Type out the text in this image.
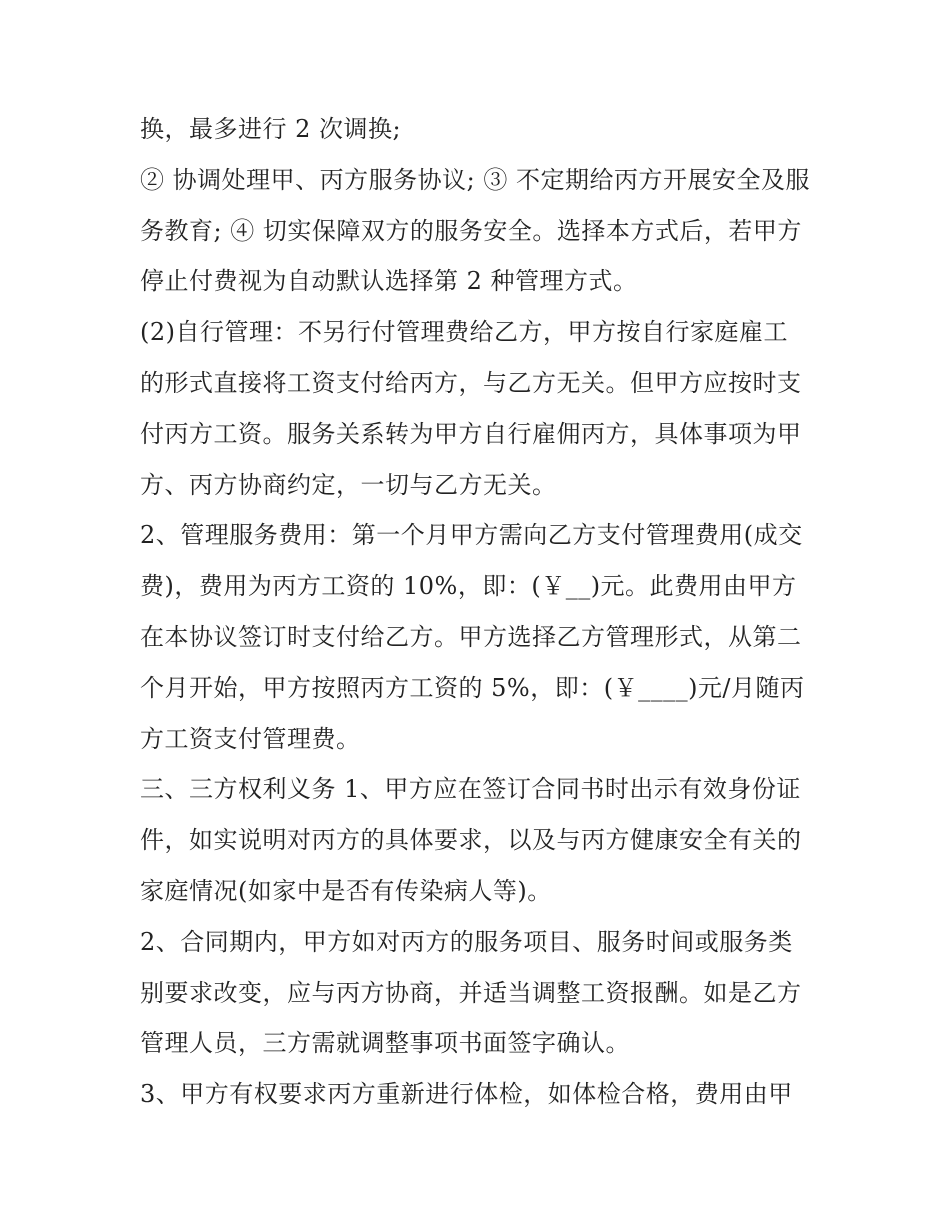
换，最多进行 2 次调换;
② 协调处理甲、丙方服务协议; ③ 不定期给丙方开展安全及服
务教育; ④ 切实保障双方的服务安全。选择本方式后，若甲方
停止付费视为自动默认选择第 2 种管理方式。
(2)自行管理：不另行付管理费给乙方，甲方按自行家庭雇工
的形式直接将工资支付给丙方，与乙方无关。但甲方应按时支
付丙方工资。服务关系转为甲方自行雇佣丙方，具体事项为甲
方、丙方协商约定，一切与乙方无关。
2、管理服务费用：第一个月甲方需向乙方支付管理费用(成交
费)，费用为丙方工资的 10%，即：(￥__)元。此费用由甲方
在本协议签订时支付给乙方。甲方选择乙方管理形式，从第二
个月开始，甲方按照丙方工资的 5%，即：(￥____)元/月随丙
方工资支付管理费。
三、三方权利义务 1、甲方应在签订合同书时出示有效身份证
件，如实说明对丙方的具体要求，以及与丙方健康安全有关的
家庭情况(如家中是否有传染病人等)。
2、合同期内，甲方如对丙方的服务项目、服务时间或服务类
别要求改变，应与丙方协商，并适当调整工资报酬。如是乙方
管理人员，三方需就调整事项书面签字确认。
3、甲方有权要求丙方重新进行体检，如体检合格，费用由甲
